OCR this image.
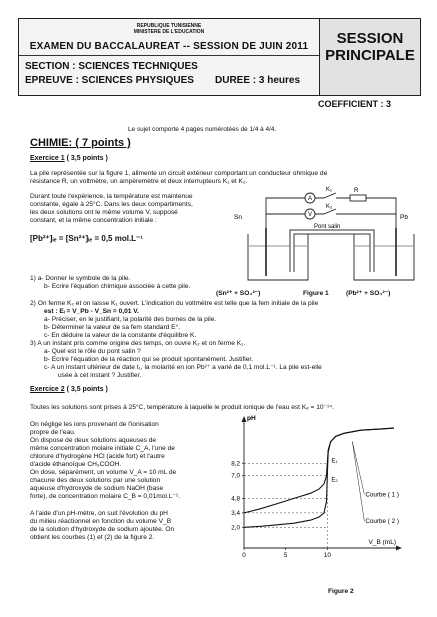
REPUBLIQUE TUNISIENNE
MINISTERE DE L'EDUCATION
EXAMEN DU BACCALAUREAT -- SESSION DE JUIN 2011
SECTION : SCIENCES TECHNIQUES
EPREUVE : SCIENCES PHYSIQUES DUREE : 3 heures
SESSION
PRINCIPALE
COEFFICIENT : 3
Le sujet comporte 4 pages numérotées de 1/4 à 4/4.
CHIMIE: ( 7 points )
Exercice 1 ( 3,5 points )
La pile représentée sur la figure 1, alimente un circuit extérieur comportant un conducteur ohmique de
résistance R, un voltmètre, un ampèremètre et deux interrupteurs K₁ et K₂.
Durant toute l'expérience, la température est maintenue
constante, égale à 25°C. Dans les deux compartiments,
les deux solutions ont le même volume V, supposé
constant, et la même concentration initiale :
[Pb²⁺]ᵢₑ = [Sn²⁺]ᵢₑ = 0,5 mol.L⁻¹
A
V
K₁
K₂
R
Sn	Pb
Pont salin
(Sn²⁺ + SO₄²⁻)	Figure 1	(Pb²⁺ + SO₄²⁻)
1) a- Donner le symbole de la pile.
b- Ecrire l'équation chimique associée à cette pile.
2) On ferme K₂ et on laisse K₁ ouvert. L'indication du voltmètre est telle que la fem initiale de la pile
est : Eᵢ = V_Pb - V_Sn = 0,01 V.
a- Préciser, en le justifiant, la polarité des bornes de la pile.
b- Déterminer la valeur de sa fem standard E°.
c- En déduire la valeur de la constante d'équilibre K.
3) A un instant pris comme origine des temps, on ouvre K₂ et on ferme K₁.
a- Quel est le rôle du pont salin ?
b- Ecrire l'équation de la réaction qui se produit spontanément. Justifier.
c- A un instant ultérieur de date t₁, la molarité en ion Pb²⁺ a varié de 0,1 mol.L⁻¹. La pile est-elle
usée à cet instant ? Justifier.
Exercice 2 ( 3,5 points )
Toutes les solutions sont prises à 25°C, température à laquelle le produit ionique de l'eau est Kₑ = 10⁻¹⁴.
On néglige les ions provenant de l'ionisation
propre de l'eau.
On dispose de deux solutions aqueuses de
même concentration molaire initiale C_A, l'une de
chlorure d'hydrogène HCl (acide fort) et l'autre
d'acide éthanoïque CH₃COOH.
On dose, séparément, un volume V_A = 10 mL de
chacune des deux solutions par une solution
aqueuse d'hydroxyde de sodium NaOH (base
forte), de concentration molaire C_B = 0,01mol.L⁻¹.
A l'aide d'un pH-mètre, on suit l'évolution du pH
du milieu réactionnel en fonction du volume V_B
de la solution d'hydroxyde de sodium ajoutée. On
obtient les courbes (1) et (2) de la figure 2.
2,0
3,4
4,8
7,0
8,2
0	5	10
pH
V_B (mL)
E₁
E₂
Courbe ( 1 )
Courbe ( 2 )
Figure 2
